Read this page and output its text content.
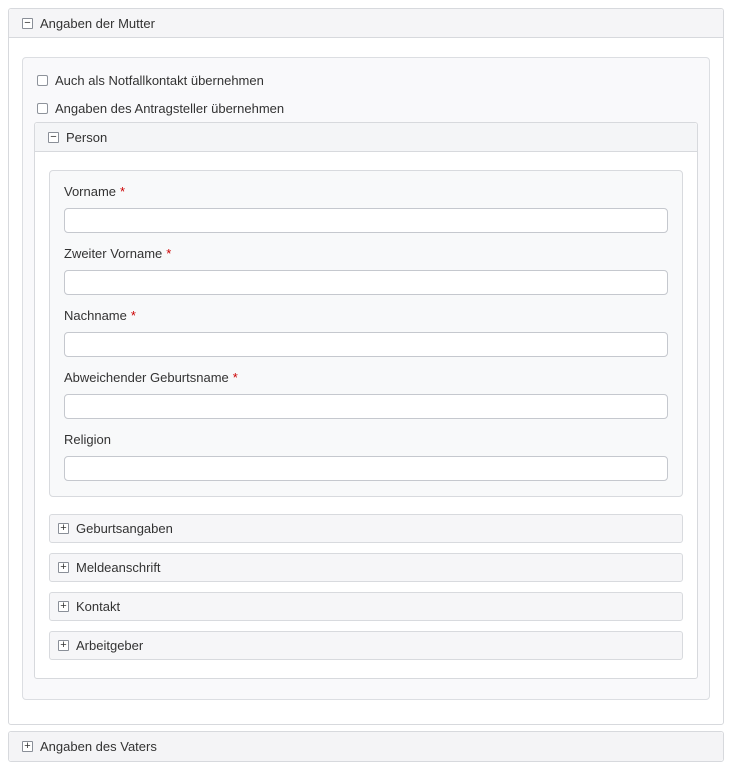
− Angaben der Mutter
Auch als Notfallkontakt übernehmen
Angaben des Antragsteller übernehmen
− Person
Vorname *
Zweiter Vorname *
Nachname *
Abweichender Geburtsname *
Religion
+ Geburtsangaben
+ Meldeanschrift
+ Kontakt
+ Arbeitgeber
+ Angaben des Vaters
